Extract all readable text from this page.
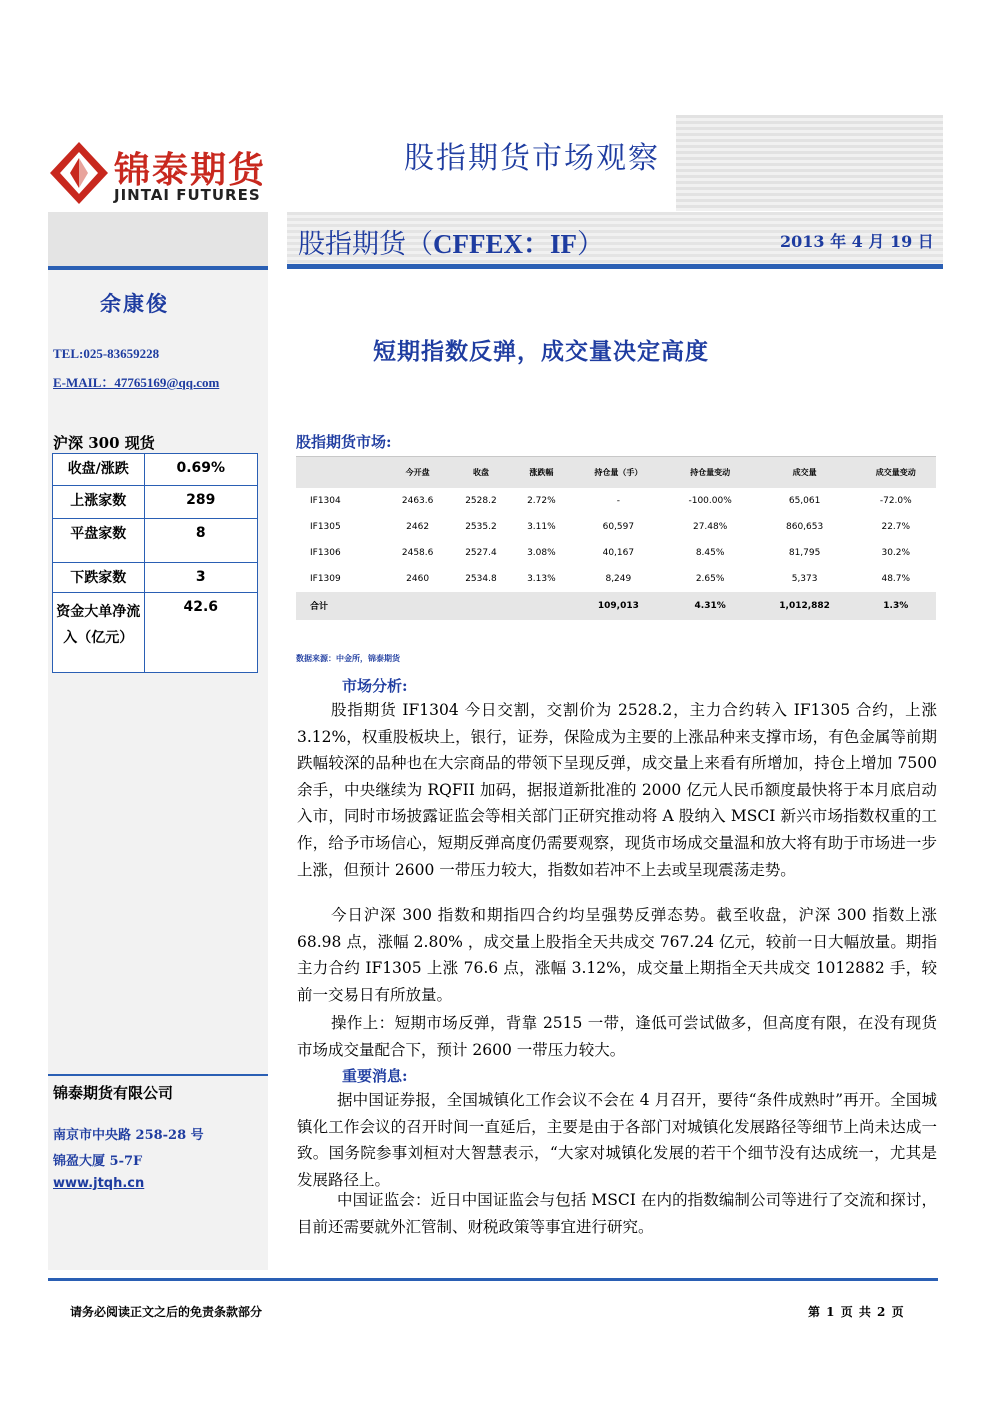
锦泰期货
JINTAI FUTURES
股指期货市场观察
股指期货（CFFEX：IF）	2013 年 4 月 19 日
余康俊
TEL:025-83659228
E-MAIL：47765169@qq.com
沪深 300 现货
收盘/涨跌	0.69%
上涨家数	289
平盘家数	8
下跌家数	3
资金大单净流入（亿元）	42.6
锦泰期货有限公司
南京市中央路 258-28 号
锦盈大厦 5-7F
www.jtqh.cn
短期指数反弹，成交量决定高度
股指期货市场:
	今开盘	收盘	涨跌幅	持仓量（手）	持仓量变动	成交量	成交量变动
IF1304	2463.6	2528.2	2.72%	-	-100.00%	65,061	-72.0%
IF1305	2462	2535.2	3.11%	60,597	27.48%	860,653	22.7%
IF1306	2458.6	2527.4	3.08%	40,167	8.45%	81,795	30.2%
IF1309	2460	2534.8	3.13%	8,249	2.65%	5,373	48.7%
合计				109,013	4.31%	1,012,882	1.3%
数据来源：中金所，锦泰期货
市场分析:

股指期货 IF1304 今日交割，交割价为 2528.2，主力合约转入 IF1305 合约，上涨 3.12%，权重股板块上，银行，证券，保险成为主要的上涨品种来支撑市场，有色金属等前期跌幅较深的品种也在大宗商品的带领下呈现反弹，成交量上来看有所增加，持仓上增加 7500 余手，中央继续为 RQFII 加码，据报道新批准的 2000 亿元人民币额度最快将于本月底启动入市，同时市场披露证监会等相关部门正研究推动将 A 股纳入 MSCI 新兴市场指数权重的工作，给予市场信心，短期反弹高度仍需要观察，现货市场成交量温和放大将有助于市场进一步上涨，但预计 2600 一带压力较大，指数如若冲不上去或呈现震荡走势。

今日沪深 300 指数和期指四合约均呈强势反弹态势。截至收盘，沪深 300 指数上涨 68.98 点，涨幅 2.80% ，成交量上股指全天共成交 767.24 亿元，较前一日大幅放量。期指主力合约 IF1305 上涨 76.6 点，涨幅 3.12%，成交量上期指全天共成交 1012882 手，较前一交易日有所放量。

操作上：短期市场反弹，背靠 2515 一带，逢低可尝试做多，但高度有限，在没有现货市场成交量配合下，预计 2600 一带压力较大。

重要消息:

据中国证券报，全国城镇化工作会议不会在 4 月召开，要待“条件成熟时”再开。全国城镇化工作会议的召开时间一直延后，主要是由于各部门对城镇化发展路径等细节上尚未达成一致。国务院参事刘桓对大智慧表示，“大家对城镇化发展的若干个细节没有达成统一，尤其是发展路径上。

中国证监会：近日中国证监会与包括 MSCI 在内的指数编制公司等进行了交流和探讨，目前还需要就外汇管制、财税政策等事宜进行研究。

请务必阅读正文之后的免责条款部分	第 1 页 共 2 页
